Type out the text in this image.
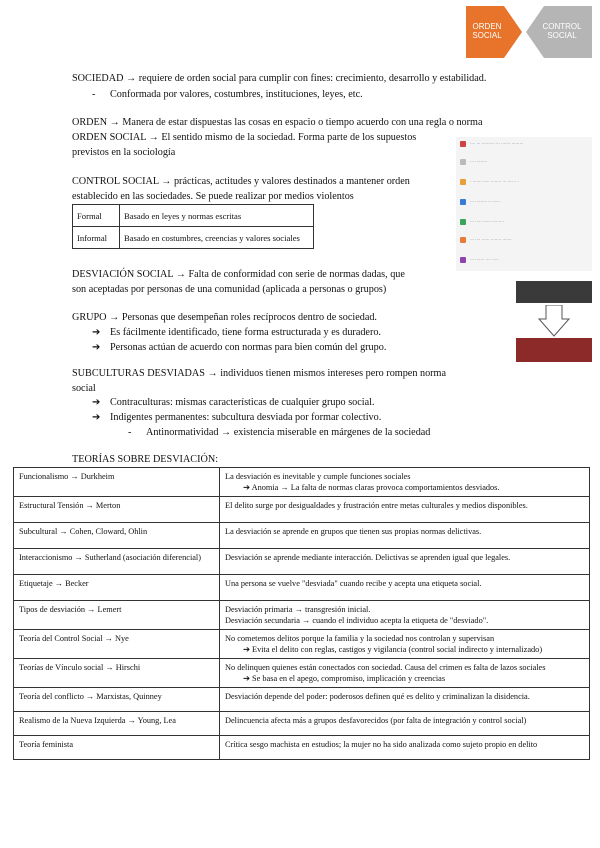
ORDEN SOCIAL
CONTROL SOCIAL
SOCIEDAD → requiere de orden social para cumplir con fines: crecimiento, desarrollo y estabilidad.
- Conformada por valores, costumbres, instituciones, leyes, etc.
ORDEN → Manera de estar dispuestas las cosas en espacio o tiempo acuerdo con una regla o norma
ORDEN SOCIAL → El sentido mismo de la sociedad. Forma parte de los supuestos
previstos en la sociología
CONTROL SOCIAL → prácticas, actitudes y valores destinados a mantener orden
establecido en las sociedades. Se puede realizar por medios violentos
Formal	Basado en leyes y normas escritas
Informal	Basado en costumbres, creencias y valores sociales
···· ··· ·········· ··· ······· ·········
··· ·········
· ······· ····· ········ ··· ···· ·· ·
··· ········· ·· ······
··· ····· ······ ·········
··· ···· ······ ········ ·······
··· ······· ···· ·····
DESVIACIÓN SOCIAL → Falta de conformidad con serie de normas dadas, que
son aceptadas por personas de una comunidad (aplicada a personas o grupos)
GRUPO → Personas que desempeñan roles recíprocos dentro de sociedad.
➔ Es fácilmente identificado, tiene forma estructurada y es duradero.
➔ Personas actúan de acuerdo con normas para bien común del grupo.
SUBCULTURAS DESVIADAS → individuos tienen mismos intereses pero rompen norma
social
➔ Contraculturas: mismas características de cualquier grupo social.
➔ Indigentes permanentes: subcultura desviada por formar colectivo.
- Antinormatividad → existencia miserable en márgenes de la sociedad
TEORÍAS SOBRE DESVIACIÓN:
Funcionalismo → Durkheim	La desviación es inevitable y cumple funciones sociales
➔ Anomia → La falta de normas claras provoca comportamientos desviados.

Estructural Tensión → Merton	El delito surge por desigualdades y frustración entre metas culturales y medios disponibles.
Subcultural → Cohen, Cloward, Ohlin	La desviación se aprende en grupos que tienen sus propias normas delictivas.
Interaccionismo → Sutherland (asociación diferencial)	Desviación se aprende mediante interacción. Delictivas se aprenden igual que legales.
Etiquetaje → Becker	Una persona se vuelve "desviada" cuando recibe y acepta una etiqueta social.
Tipos de desviación → Lemert	Desviación primaria → transgresión inicial.
Desviación secundaria → cuando el individuo acepta la etiqueta de "desviado".

Teoría del Control Social → Nye	No cometemos delitos porque la familia y la sociedad nos controlan y supervisan
➔ Evita el delito con reglas, castigos y vigilancia (control social indirecto y internalizado)

Teorías de Vínculo social → Hirschi	No delinquen quienes están conectados con sociedad. Causa del crimen es falta de lazos sociales
➔ Se basa en el apego, compromiso, implicación y creencias

Teoría del conflicto → Marxistas, Quinney	Desviación depende del poder: poderosos definen qué es delito y criminalizan la disidencia.
Realismo de la Nueva Izquierda → Young, Lea	Delincuencia afecta más a grupos desfavorecidos (por falta de integración y control social)
Teoría feminista	Crítica sesgo machista en estudios; la mujer no ha sido analizada como sujeto propio en delito
